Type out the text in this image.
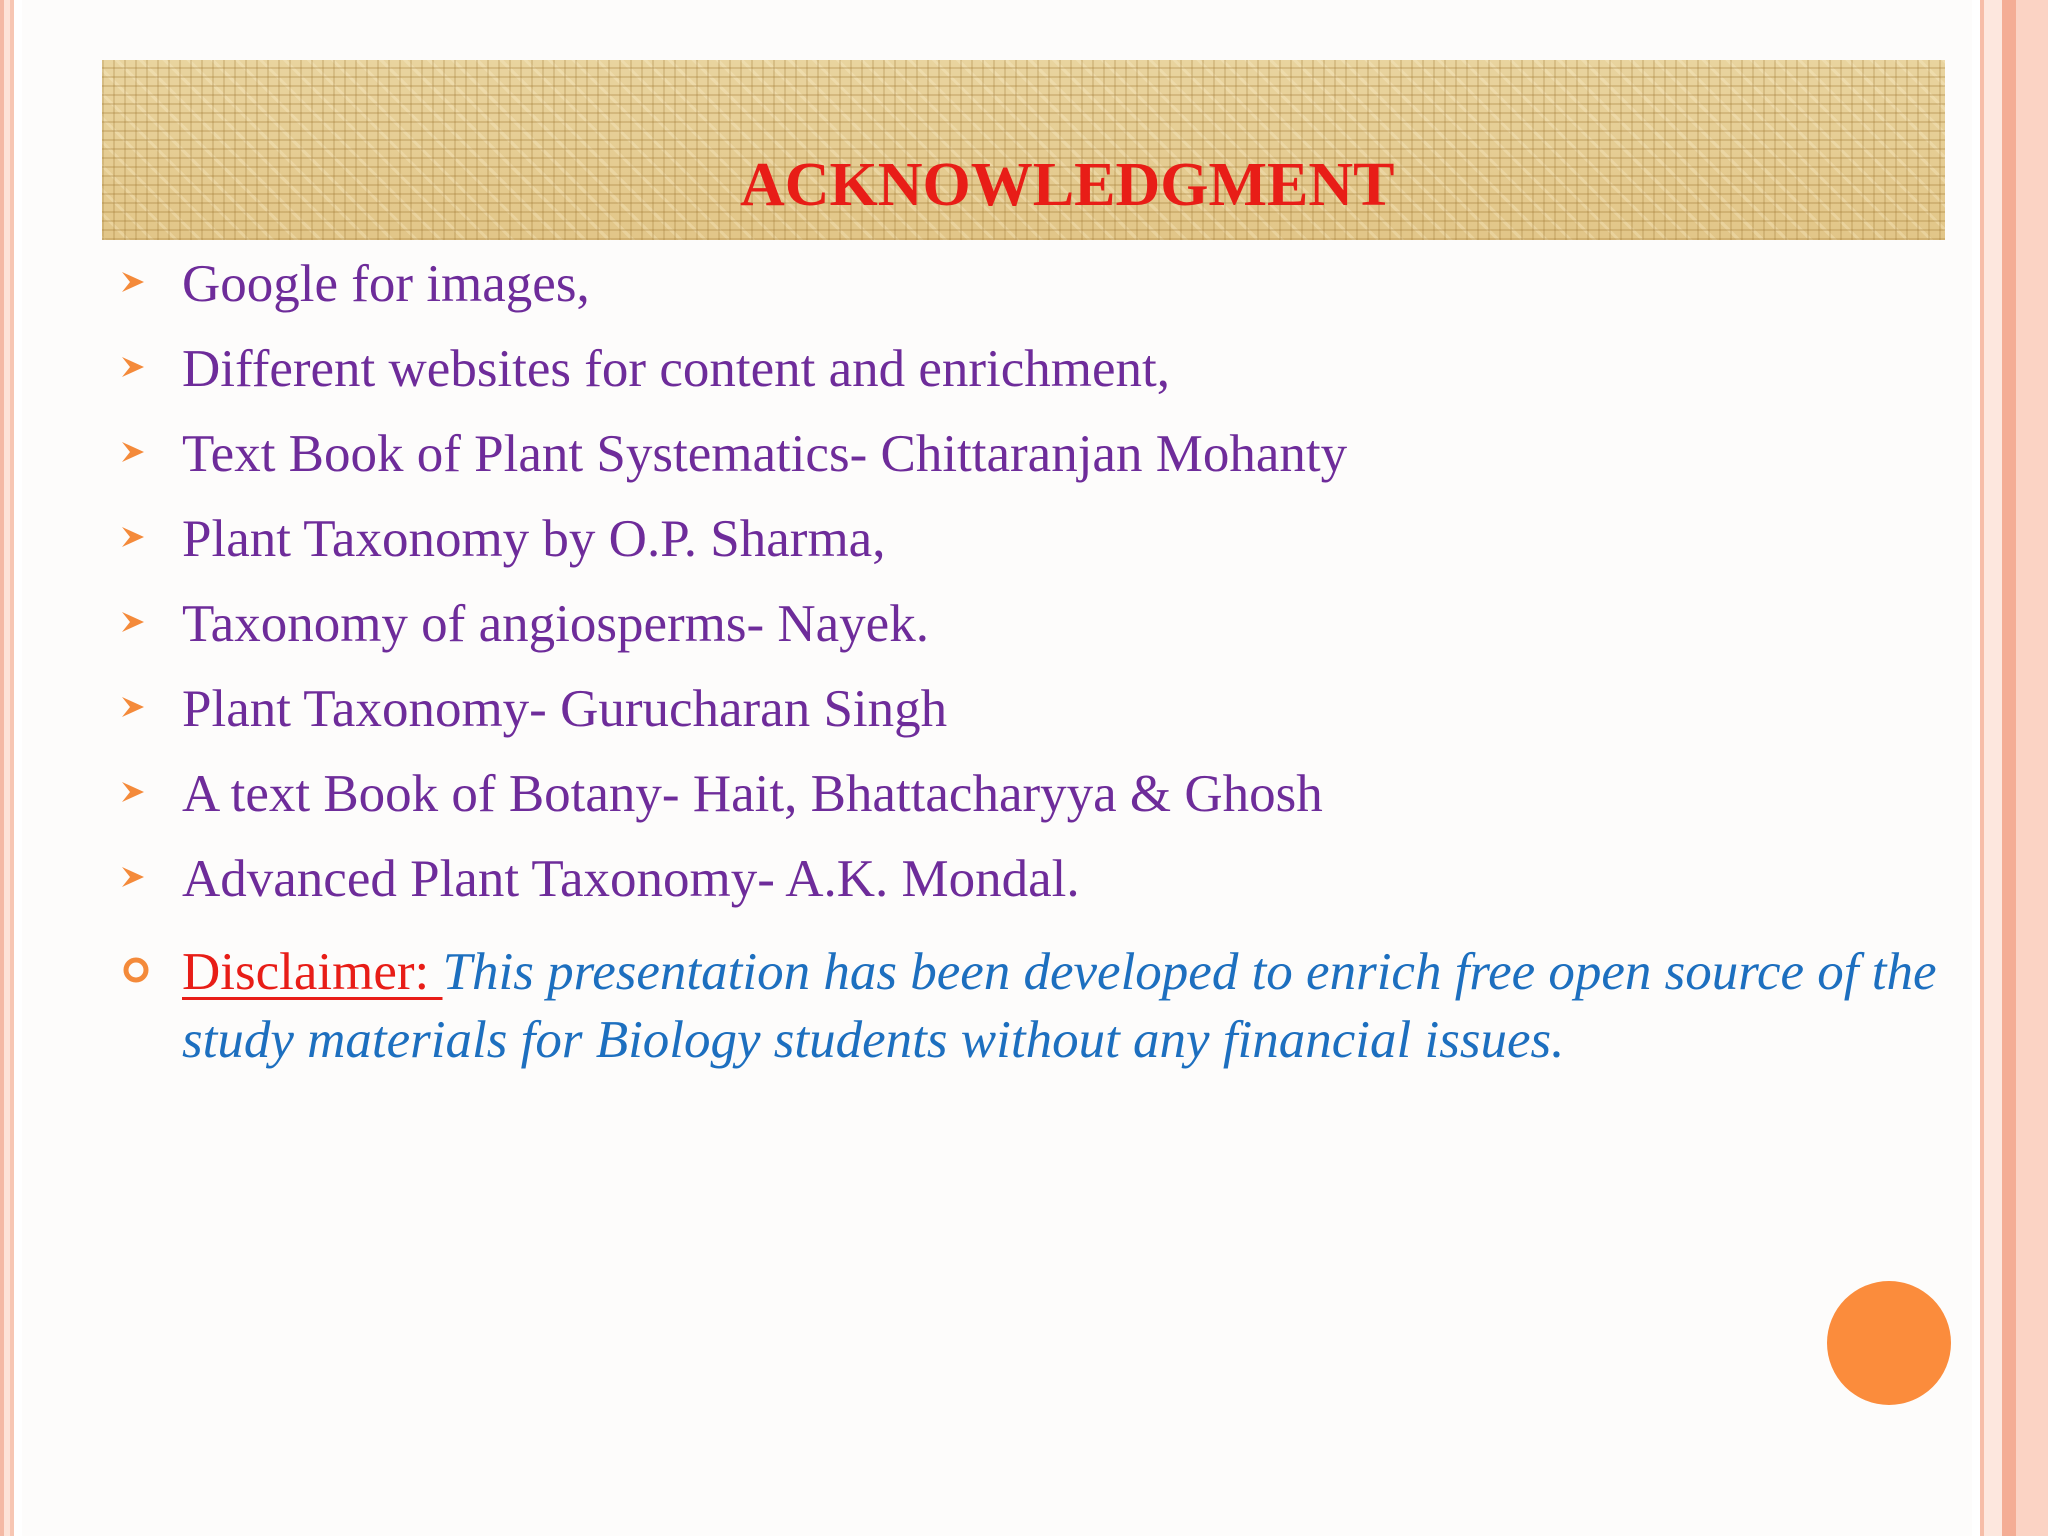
ACKNOWLEDGMENT
Google for images,
Different websites for content and enrichment,
Text Book of Plant Systematics- Chittaranjan Mohanty
Plant Taxonomy by O.P. Sharma,
Taxonomy of angiosperms- Nayek.
Plant Taxonomy- Gurucharan Singh
A text Book of Botany- Hait, Bhattacharyya & Ghosh
Advanced Plant Taxonomy- A.K. Mondal.
Disclaimer: This presentation has been developed to enrich free open source of the study materials for Biology students without any financial issues.
